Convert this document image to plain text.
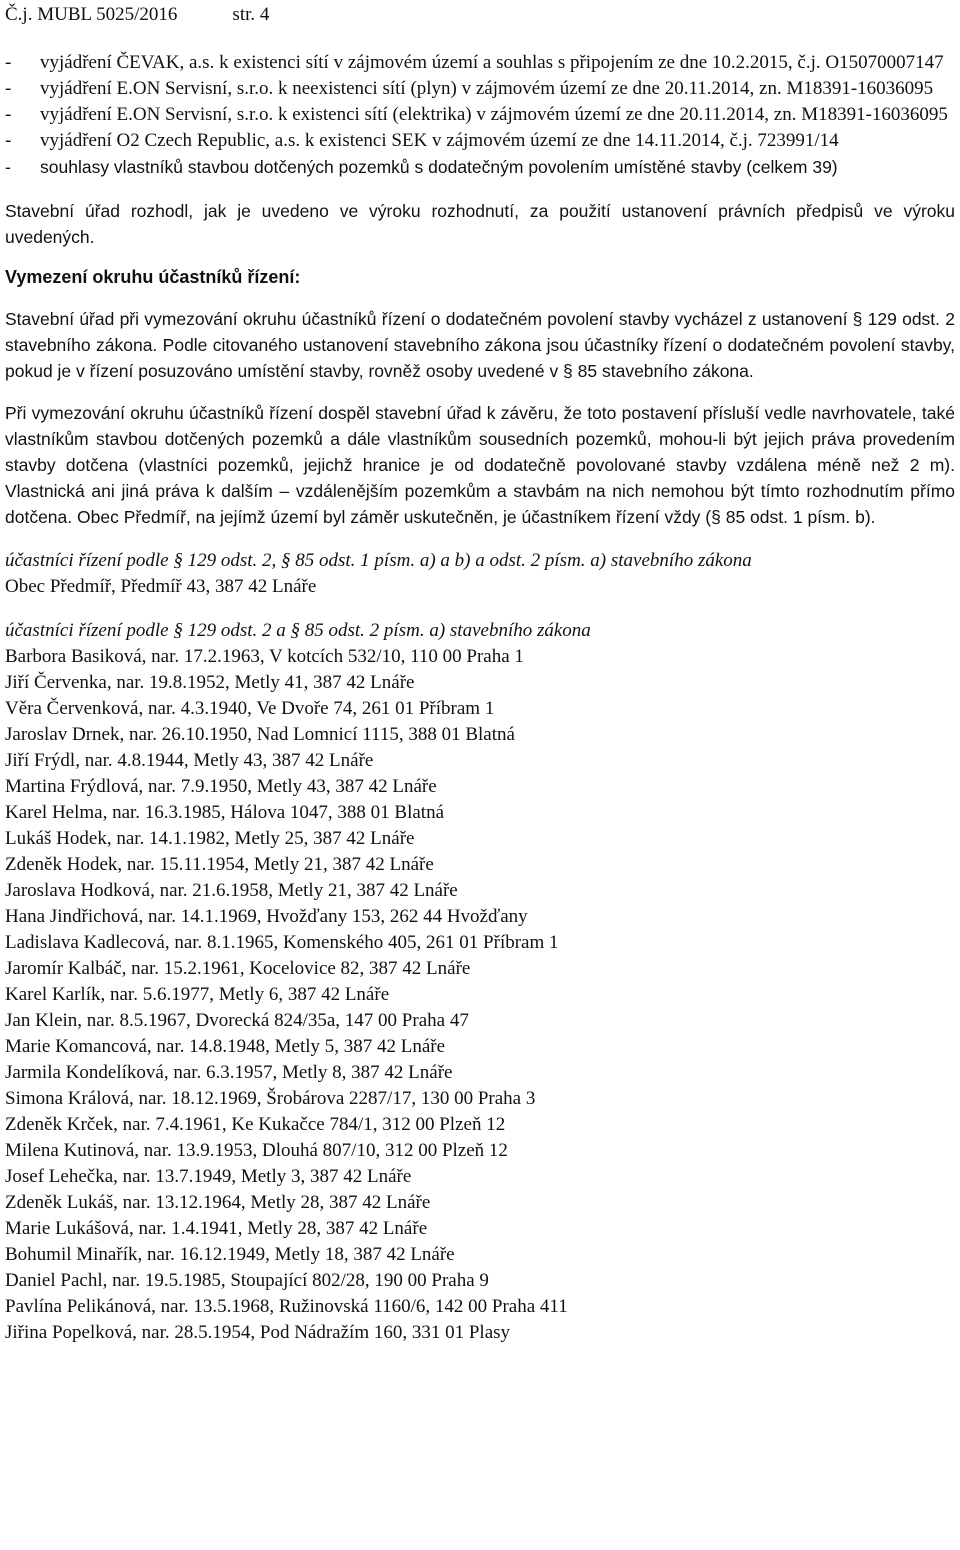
Č.j. MUBL 5025/2016	str. 4
- vyjádření ČEVAK, a.s. k existenci sítí v zájmovém území a souhlas s připojením ze dne 10.2.2015, č.j. O15070007147
- vyjádření E.ON Servisní, s.r.o. k neexistenci sítí (plyn) v zájmovém území ze dne 20.11.2014, zn. M18391-16036095
- vyjádření E.ON Servisní, s.r.o. k existenci sítí (elektrika) v zájmovém území ze dne 20.11.2014, zn. M18391-16036095
- vyjádření O2 Czech Republic, a.s. k existenci SEK v zájmovém území ze dne 14.11.2014, č.j. 723991/14
- souhlasy vlastníků stavbou dotčených pozemků s dodatečným povolením umístěné stavby (celkem 39)

Stavební úřad rozhodl, jak je uvedeno ve výroku rozhodnutí, za použití ustanovení právních předpisů ve výroku uvedených.

Vymezení okruhu účastníků řízení:

Stavební úřad při vymezování okruhu účastníků řízení o dodatečném povolení stavby vycházel z ustanovení § 129 odst. 2 stavebního zákona. Podle citovaného ustanovení stavebního zákona jsou účastníky řízení o dodatečném povolení stavby, pokud je v řízení posuzováno umístění stavby, rovněž osoby uvedené v § 85 stavebního zákona.

Při vymezování okruhu účastníků řízení dospěl stavební úřad k závěru, že toto postavení přísluší vedle navrhovatele, také vlastníkům stavbou dotčených pozemků a dále vlastníkům sousedních pozemků, mohou-li být jejich práva provedením stavby dotčena (vlastníci pozemků, jejichž hranice je od dodatečně povolované stavby vzdálena méně než 2 m). Vlastnická ani jiná práva k dalším – vzdálenějším pozemkům a stavbám na nich nemohou být tímto rozhodnutím přímo dotčena. Obec Předmíř, na jejímž území byl záměr uskutečněn, je účastníkem řízení vždy (§ 85 odst. 1 písm. b).

účastníci řízení podle § 129 odst. 2, § 85 odst. 1 písm. a) a b) a odst. 2 písm. a) stavebního zákona

Obec Předmíř, Předmíř 43, 387 42 Lnáře

účastníci řízení podle § 129 odst. 2 a § 85 odst. 2 písm. a) stavebního zákona

Barbora Basiková, nar. 17.2.1963, V kotcích 532/10, 110 00 Praha 1
Jiří Červenka, nar. 19.8.1952, Metly 41, 387 42 Lnáře
Věra Červenková, nar. 4.3.1940, Ve Dvoře 74, 261 01 Příbram 1
Jaroslav Drnek, nar. 26.10.1950, Nad Lomnicí 1115, 388 01 Blatná
Jiří Frýdl, nar. 4.8.1944, Metly 43, 387 42 Lnáře
Martina Frýdlová, nar. 7.9.1950, Metly 43, 387 42 Lnáře
Karel Helma, nar. 16.3.1985, Hálova 1047, 388 01 Blatná
Lukáš Hodek, nar. 14.1.1982, Metly 25, 387 42 Lnáře
Zdeněk Hodek, nar. 15.11.1954, Metly 21, 387 42 Lnáře
Jaroslava Hodková, nar. 21.6.1958, Metly 21, 387 42 Lnáře
Hana Jindřichová, nar. 14.1.1969, Hvožďany 153, 262 44 Hvožďany
Ladislava Kadlecová, nar. 8.1.1965, Komenského 405, 261 01 Příbram 1
Jaromír Kalbáč, nar. 15.2.1961, Kocelovice 82, 387 42 Lnáře
Karel Karlík, nar. 5.6.1977, Metly 6, 387 42 Lnáře
Jan Klein, nar. 8.5.1967, Dvorecká 824/35a, 147 00 Praha 47
Marie Komancová, nar. 14.8.1948, Metly 5, 387 42 Lnáře
Jarmila Kondelíková, nar. 6.3.1957, Metly 8, 387 42 Lnáře
Simona Králová, nar. 18.12.1969, Šrobárova 2287/17, 130 00 Praha 3
Zdeněk Krček, nar. 7.4.1961, Ke Kukačce 784/1, 312 00 Plzeň 12
Milena Kutinová, nar. 13.9.1953, Dlouhá 807/10, 312 00 Plzeň 12
Josef Lehečka, nar. 13.7.1949, Metly 3, 387 42 Lnáře
Zdeněk Lukáš, nar. 13.12.1964, Metly 28, 387 42 Lnáře
Marie Lukášová, nar. 1.4.1941, Metly 28, 387 42 Lnáře
Bohumil Minařík, nar. 16.12.1949, Metly 18, 387 42 Lnáře
Daniel Pachl, nar. 19.5.1985, Stoupající 802/28, 190 00 Praha 9
Pavlína Pelikánová, nar. 13.5.1968, Ružinovská 1160/6, 142 00 Praha 411
Jiřina Popelková, nar. 28.5.1954, Pod Nádražím 160, 331 01 Plasy
